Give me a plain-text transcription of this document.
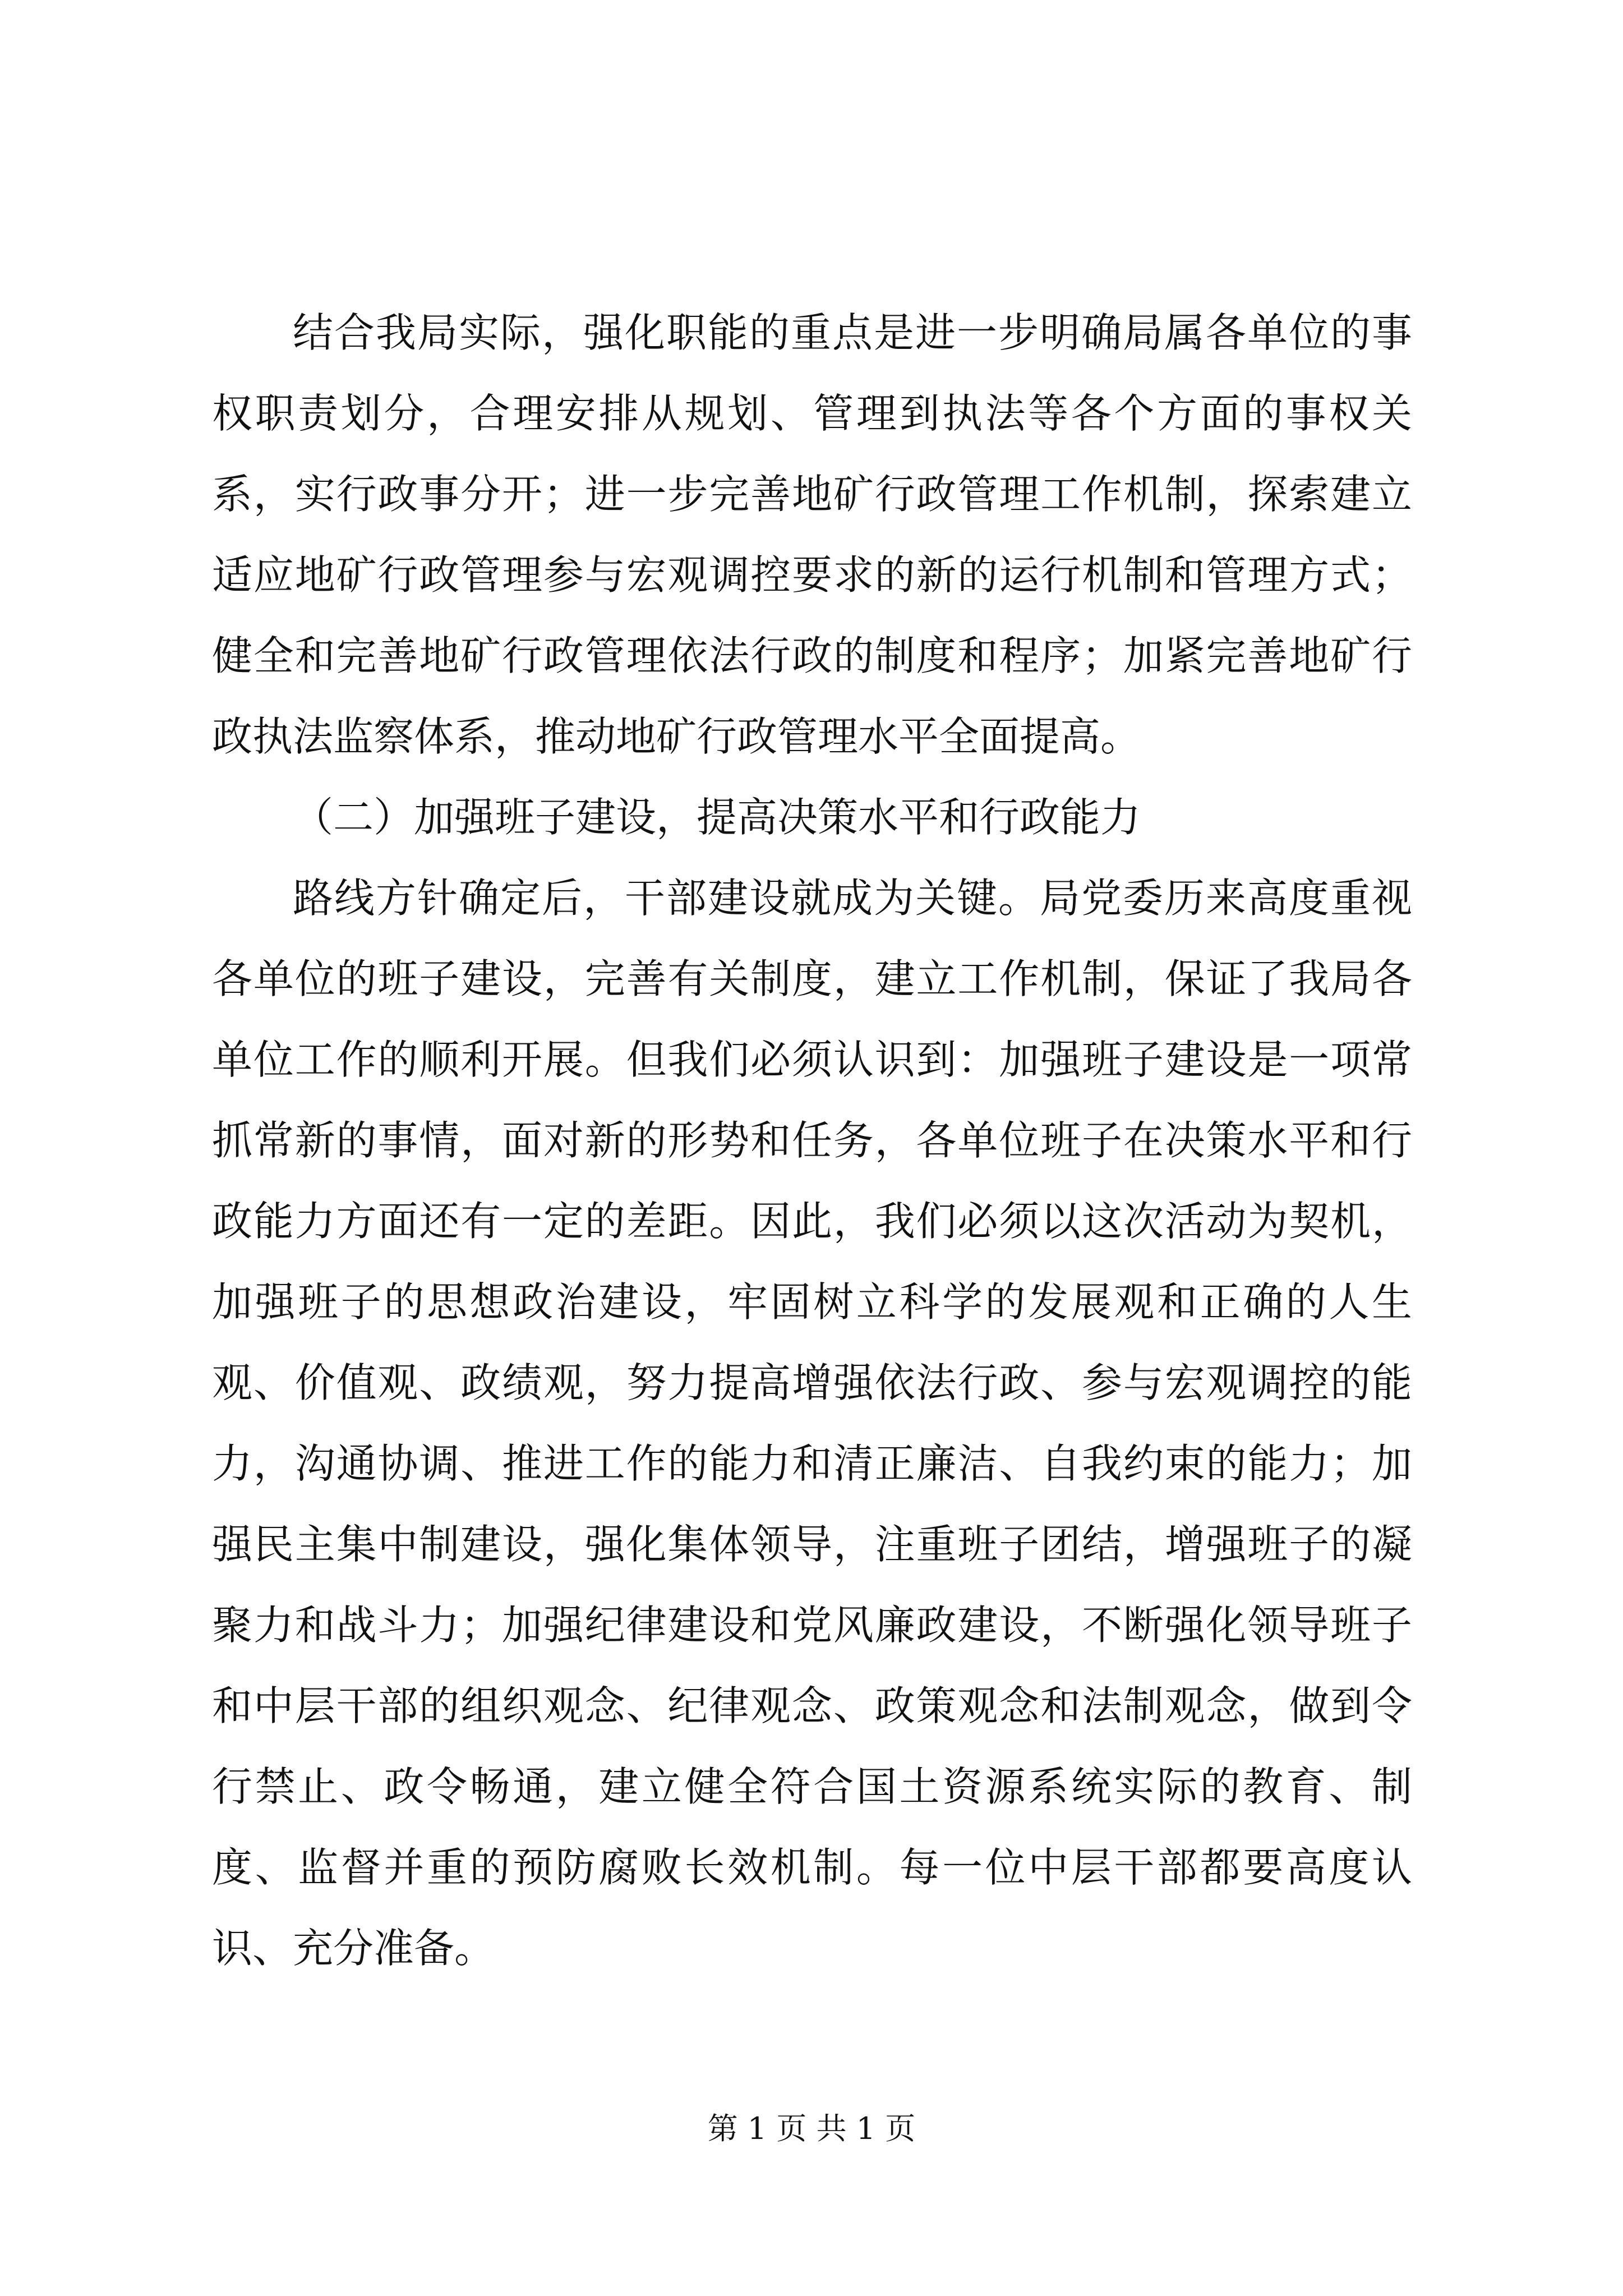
结合我局实际，强化职能的重点是进一步明确局属各单位的事权职责划分，合理安排从规划、管理到执法等各个方面的事权关系，实行政事分开；进一步完善地矿行政管理工作机制，探索建立适应地矿行政管理参与宏观调控要求的新的运行机制和管理方式；健全和完善地矿行政管理依法行政的制度和程序；加紧完善地矿行政执法监察体系，推动地矿行政管理水平全面提高。

（二）加强班子建设，提高决策水平和行政能力

路线方针确定后，干部建设就成为关键。局党委历来高度重视各单位的班子建设，完善有关制度，建立工作机制，保证了我局各单位工作的顺利开展。但我们必须认识到：加强班子建设是一项常抓常新的事情，面对新的形势和任务，各单位班子在决策水平和行政能力方面还有一定的差距。因此，我们必须以这次活动为契机，加强班子的思想政治建设，牢固树立科学的发展观和正确的人生观、价值观、政绩观，努力提高增强依法行政、参与宏观调控的能力，沟通协调、推进工作的能力和清正廉洁、自我约束的能力；加强民主集中制建设，强化集体领导，注重班子团结，增强班子的凝聚力和战斗力；加强纪律建设和党风廉政建设，不断强化领导班子和中层干部的组织观念、纪律观念、政策观念和法制观念，做到令行禁止、政令畅通，建立健全符合国土资源系统实际的教育、制度、监督并重的预防腐败长效机制。每一位中层干部都要高度认识、充分准备。

第 1 页 共 1 页
